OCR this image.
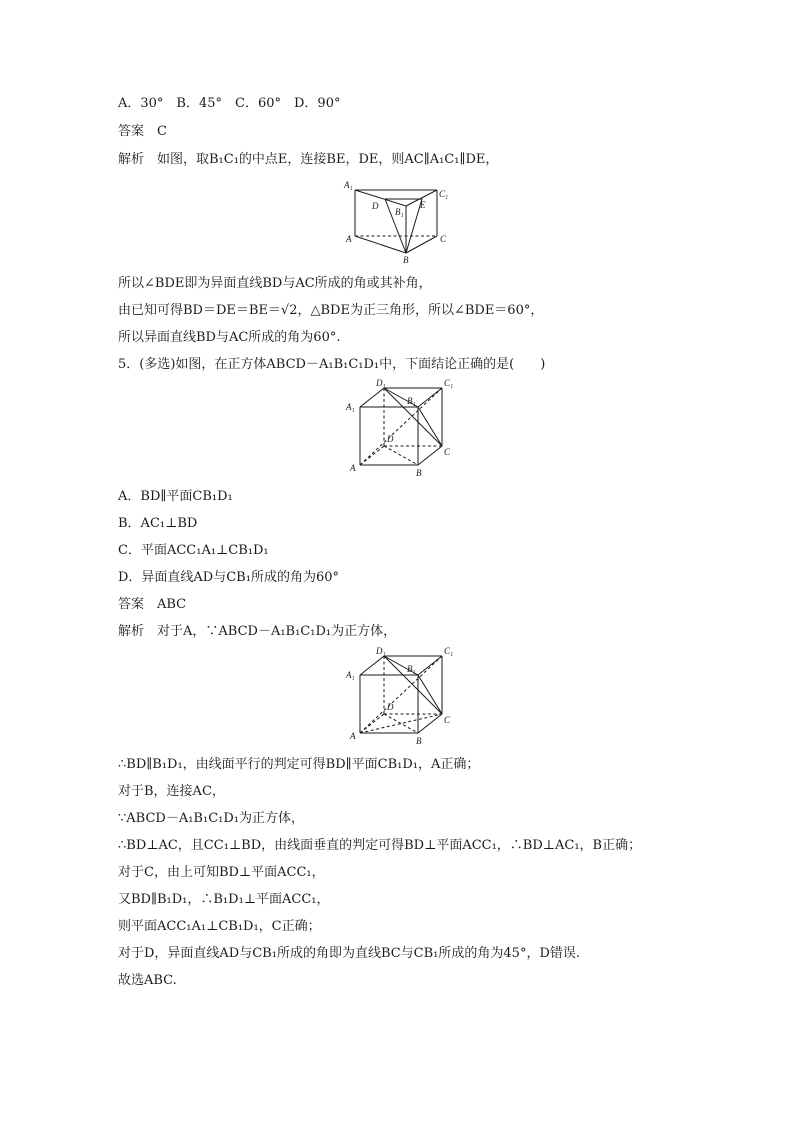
A．30°　B．45°　C．60°　D．90°
答案　C
解析　如图，取B₁C₁的中点E，连接BE，DE，则AC∥A₁C₁∥DE，
A₁
C₁
D
B₁
E
A	C
B
所以∠BDE即为异面直线BD与AC所成的角或其补角，
由已知可得BD＝DE＝BE＝√2，△BDE为正三角形，所以∠BDE＝60°，
所以异面直线BD与AC所成的角为60°.
5．(多选)如图，在正方体ABCD－A₁B₁C₁D₁中，下面结论正确的是(　　)
D₁	C₁
A₁
B₁
D
C
A	B
A．BD∥平面CB₁D₁
B．AC₁⊥BD
C．平面ACC₁A₁⊥CB₁D₁
D．异面直线AD与CB₁所成的角为60°
答案　ABC
解析　对于A，∵ABCD－A₁B₁C₁D₁为正方体，
D₁	C₁
A₁
B₁
D
C
A	B
∴BD∥B₁D₁，由线面平行的判定可得BD∥平面CB₁D₁，A正确；
对于B，连接AC，
∵ABCD－A₁B₁C₁D₁为正方体，
∴BD⊥AC，且CC₁⊥BD，由线面垂直的判定可得BD⊥平面ACC₁，∴BD⊥AC₁，B正确；
对于C，由上可知BD⊥平面ACC₁，
又BD∥B₁D₁，∴B₁D₁⊥平面ACC₁，
则平面ACC₁A₁⊥CB₁D₁，C正确；
对于D，异面直线AD与CB₁所成的角即为直线BC与CB₁所成的角为45°，D错误.
故选ABC.
